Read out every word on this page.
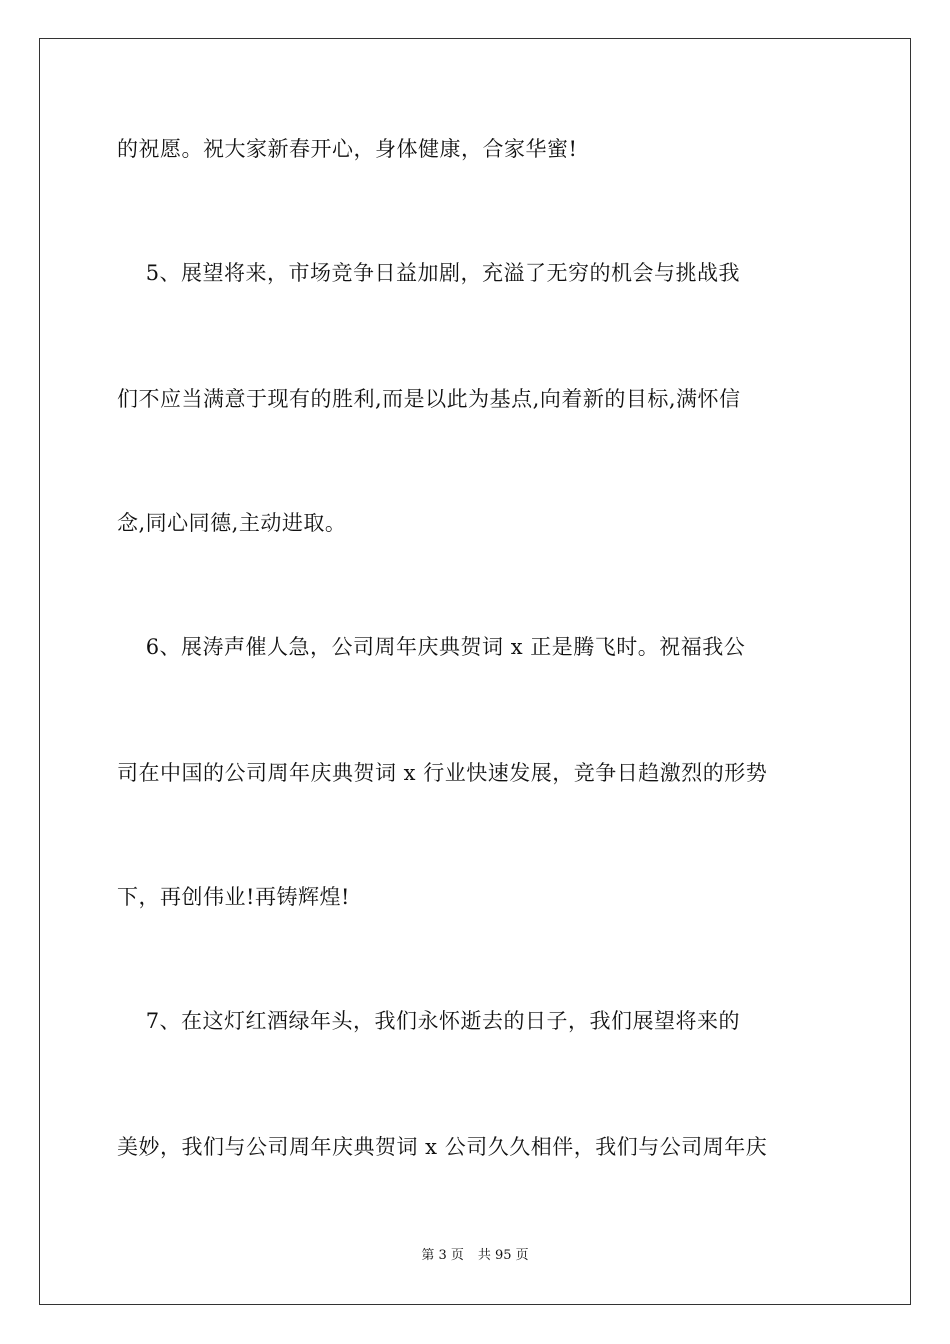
的祝愿。祝大家新春开心，身体健康，合家华蜜!
5、展望将来，市场竞争日益加剧，充溢了无穷的机会与挑战我
们不应当满意于现有的胜利,而是以此为基点,向着新的目标,满怀信
念,同心同德,主动进取。
6、展涛声催人急，公司周年庆典贺词 x 正是腾飞时。祝福我公
司在中国的公司周年庆典贺词 x 行业快速发展，竞争日趋激烈的形势
下，再创伟业!再铸辉煌!
7、在这灯红酒绿年头，我们永怀逝去的日子，我们展望将来的
美妙，我们与公司周年庆典贺词 x 公司久久相伴，我们与公司周年庆
第 3 页 共 95 页
